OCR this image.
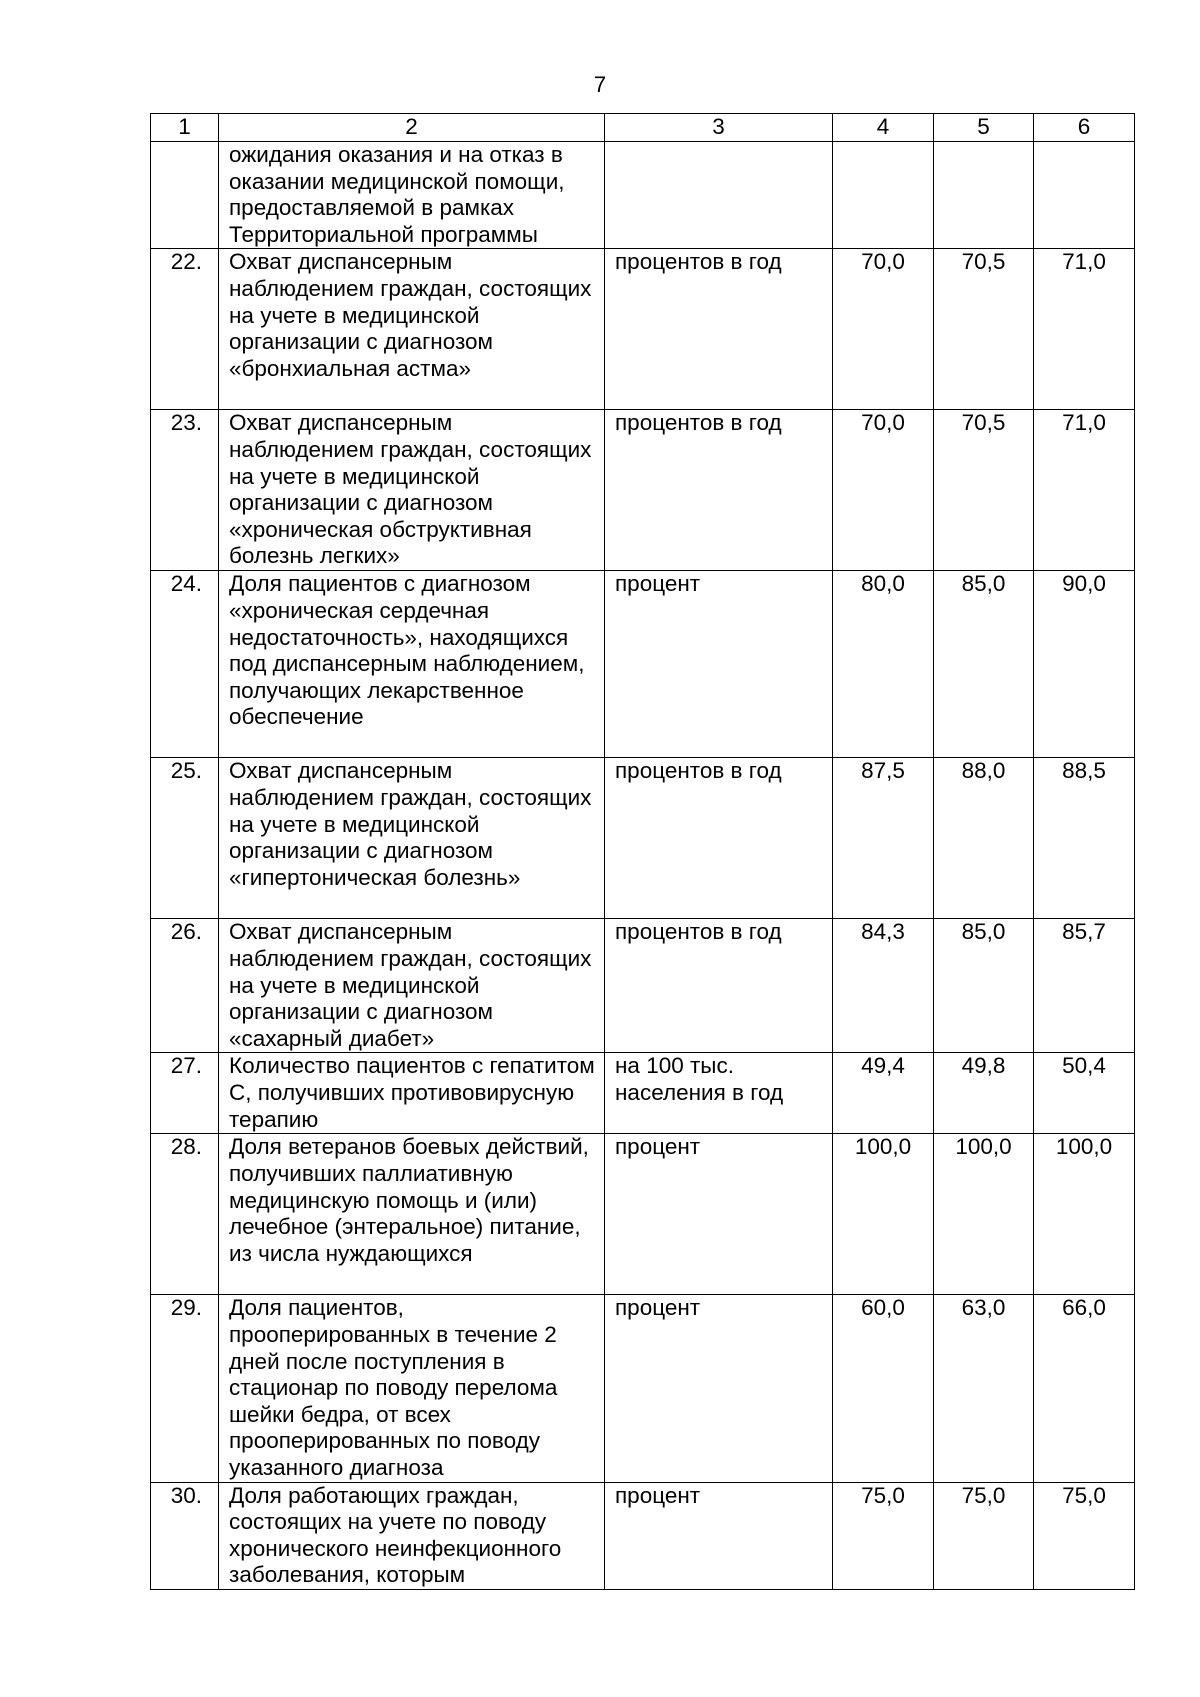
7
1	2	3	4	5	6
	ожидания оказания и на отказ в оказании медицинской помощи, предоставляемой в рамках Территориальной программы				
22.	Охват диспансерным наблюдением граждан, состоящих на учете в медицинской организации с диагнозом «бронхиальная астма»	процентов в год	70,0	70,5	71,0
23.	Охват диспансерным наблюдением граждан, состоящих на учете в медицинской организации с диагнозом «хроническая обструктивная болезнь легких»	процентов в год	70,0	70,5	71,0
24.	Доля пациентов с диагнозом «хроническая сердечная недостаточность», находящихся под диспансерным наблюдением, получающих лекарственное обеспечение	процент	80,0	85,0	90,0
25.	Охват диспансерным наблюдением граждан, состоящих на учете в медицинской организации с диагнозом «гипертоническая болезнь»	процентов в год	87,5	88,0	88,5
26.	Охват диспансерным наблюдением граждан, состоящих на учете в медицинской организации с диагнозом «сахарный диабет»	процентов в год	84,3	85,0	85,7
27.	Количество пациентов с гепатитом С, получивших противовирусную терапию	на 100 тыс. населения в год	49,4	49,8	50,4
28.	Доля ветеранов боевых действий, получивших паллиативную медицинскую помощь и (или) лечебное (энтеральное) питание, из числа нуждающихся	процент	100,0	100,0	100,0
29.	Доля пациентов, прооперированных в течение 2 дней после поступления в стационар по поводу перелома шейки бедра, от всех прооперированных по поводу указанного диагноза	процент	60,0	63,0	66,0
30.	Доля работающих граждан, состоящих на учете по поводу хронического неинфекционного заболевания, которым	процент	75,0	75,0	75,0
